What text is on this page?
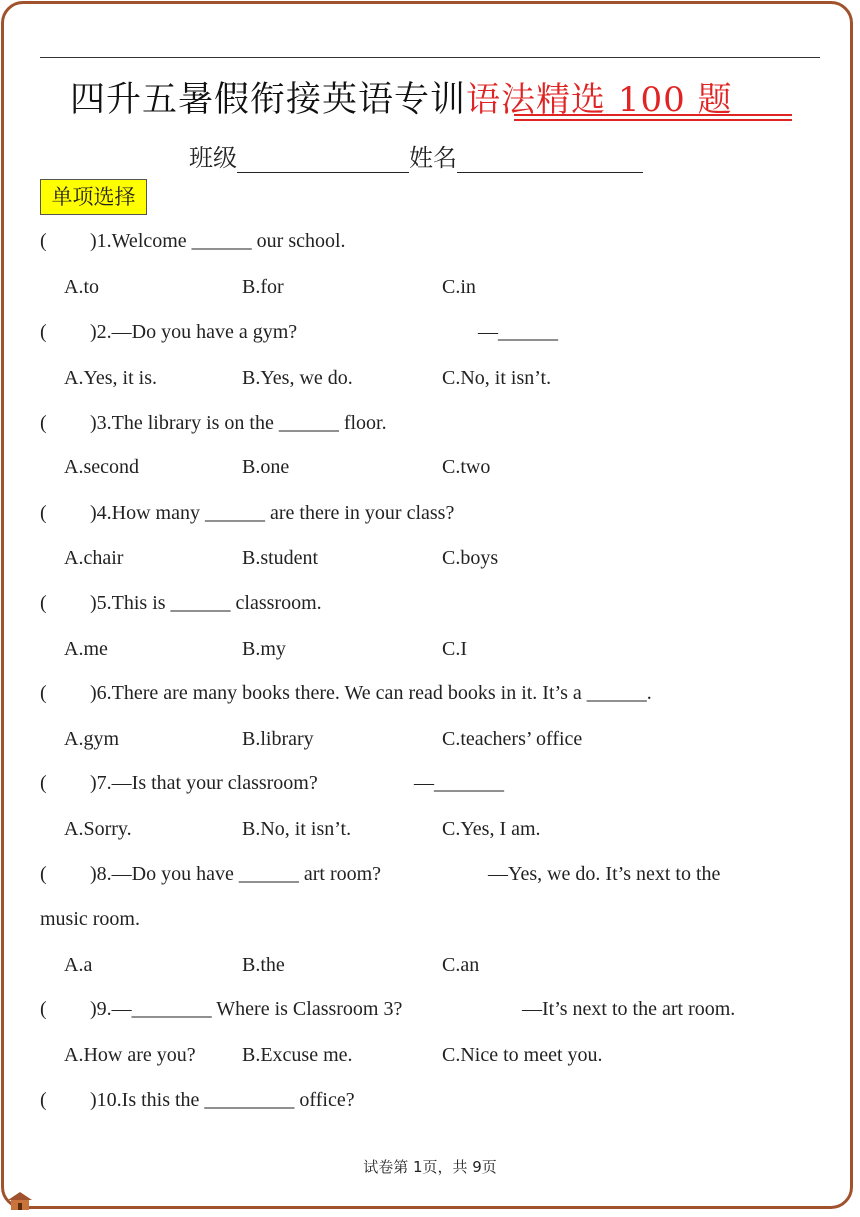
四升五暑假衔接英语专训语法精选 100 题
班级	姓名
单项选择
( )1.Welcome ______ our school.
A.to	B.for	C.in
( )2.—Do you have a gym?	—______
A.Yes, it is.	B.Yes, we do.	C.No, it isn’t.
( )3.The library is on the ______ floor.
A.second	B.one	C.two
( )4.How many ______ are there in your class?
A.chair	B.student	C.boys
( )5.This is ______ classroom.
A.me	B.my	C.I
( )6.There are many books there. We can read books in it. It’s a ______.
A.gym	B.library	C.teachers’ office
( )7.—Is that your classroom?	—_______
A.Sorry.	B.No, it isn’t.	C.Yes, I am.
( )8.—Do you have ______ art room?	—Yes, we do. It’s next to the
music room.
A.a	B.the	C.an
( )9.—________ Where is Classroom 3?	—It’s next to the art room.
A.How are you? B.Excuse me.	C.Nice to meet you.
( )10.Is this the _________ office?
试卷第 1页，共 9页
